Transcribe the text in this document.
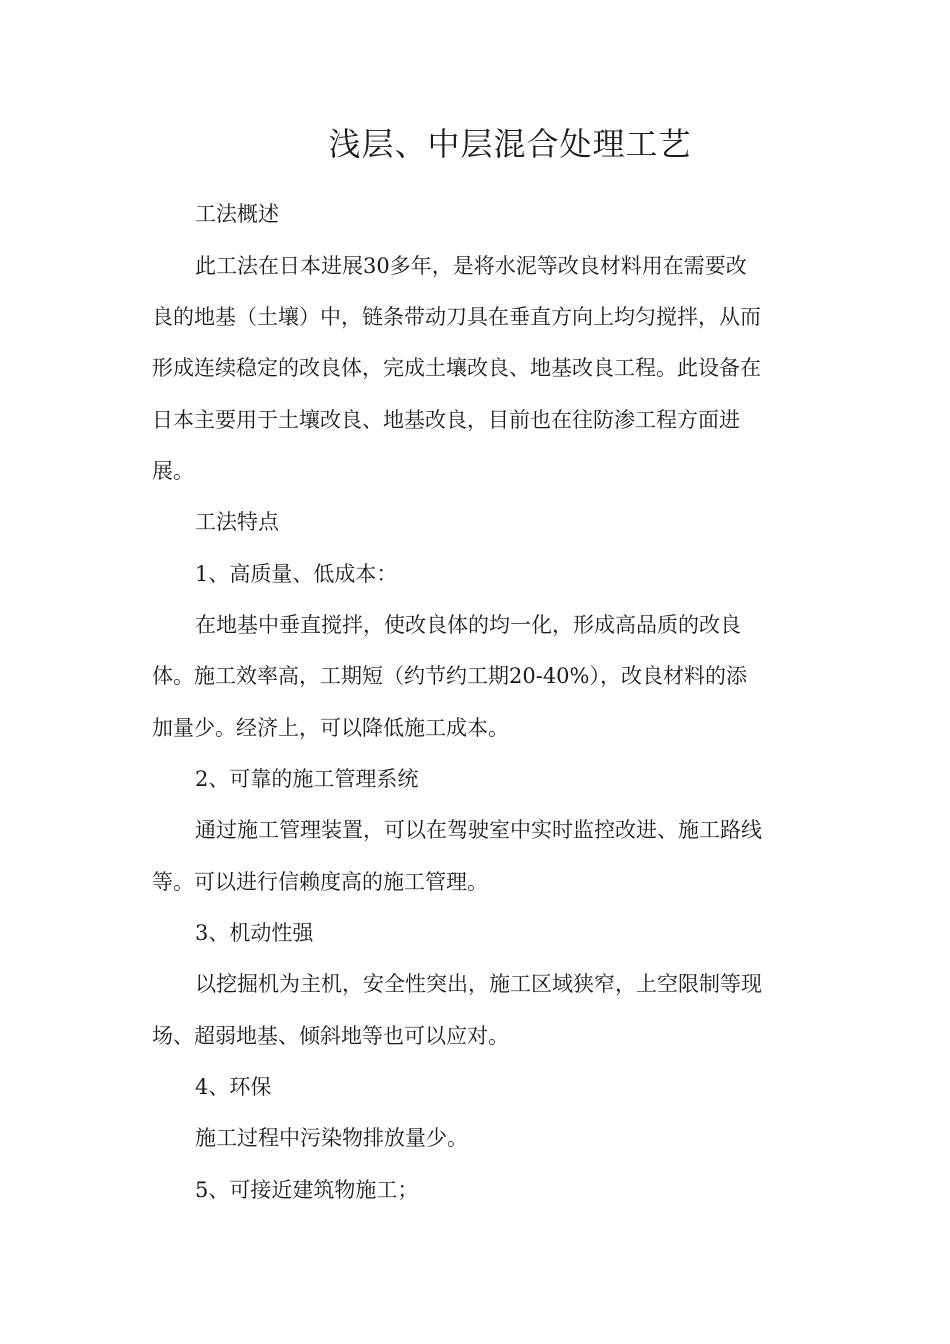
浅层、中层混合处理工艺
工法概述
此工法在日本进展30多年，是将水泥等改良材料用在需要改
良的地基（土壤）中，链条带动刀具在垂直方向上均匀搅拌，从而
形成连续稳定的改良体，完成土壤改良、地基改良工程。此设备在
日本主要用于土壤改良、地基改良，目前也在往防渗工程方面进
展。
工法特点
1、高质量、低成本：
在地基中垂直搅拌，使改良体的均一化，形成高品质的改良
体。施工效率高，工期短（约节约工期20-40%），改良材料的添
加量少。经济上，可以降低施工成本。
2、可靠的施工管理系统
通过施工管理装置，可以在驾驶室中实时监控改进、施工路线
等。可以进行信赖度高的施工管理。
3、机动性强
以挖掘机为主机，安全性突出，施工区域狭窄，上空限制等现
场、超弱地基、倾斜地等也可以应对。
4、环保
施工过程中污染物排放量少。
5、可接近建筑物施工；
